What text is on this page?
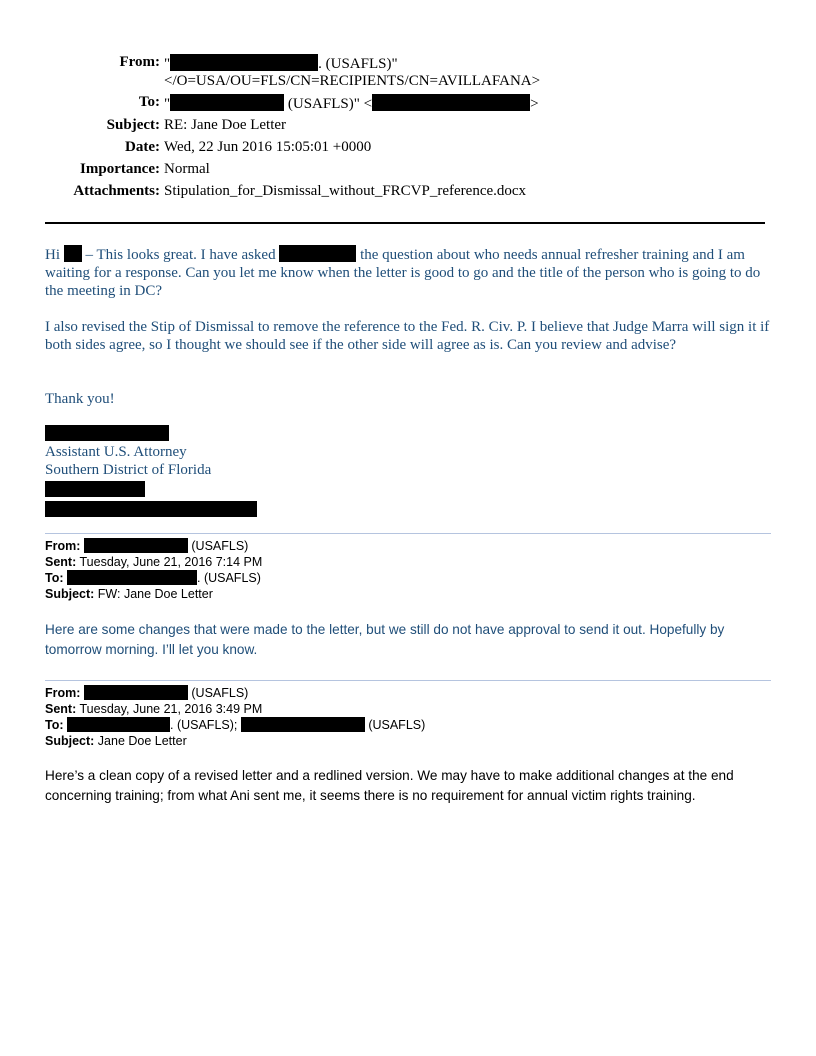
From: "	. (USAFLS)"
</O=USA/OU=FLS/CN=RECIPIENTS/CN=AVILLAFANA>
To: "	(USAFLS)" <	>
Subject: RE: Jane Doe Letter
Date: Wed, 22 Jun 2016 15:05:01 +0000
Importance: Normal
Attachments: Stipulation_for_Dismissal_without_FRCVP_reference.docx

Hi  – This looks great. I have asked	the question about who needs annual refresher training and I am waiting for a response. Can you let me know when the letter is good to go and the title of the person who is going to do the meeting in DC?

I also revised the Stip of Dismissal to remove the reference to the Fed. R. Civ. P. I believe that Judge Marra will sign it if both sides agree, so I thought we should see if the other side will agree as is. Can you review and advise?

Thank you!

Assistant U.S. Attorney
Southern District of Florida
From:	(USAFLS)
Sent: Tuesday, June 21, 2016 7:14 PM
To:	. (USAFLS)
Subject: FW: Jane Doe Letter
Here are some changes that were made to the letter, but we still do not have approval to send it out. Hopefully by tomorrow morning. I’ll let you know.
From:	(USAFLS)
Sent: Tuesday, June 21, 2016 3:49 PM
To:	. (USAFLS);	(USAFLS)
Subject: Jane Doe Letter
Here’s a clean copy of a revised letter and a redlined version. We may have to make additional changes at the end concerning training; from what Ani sent me, it seems there is no requirement for annual victim rights training.
